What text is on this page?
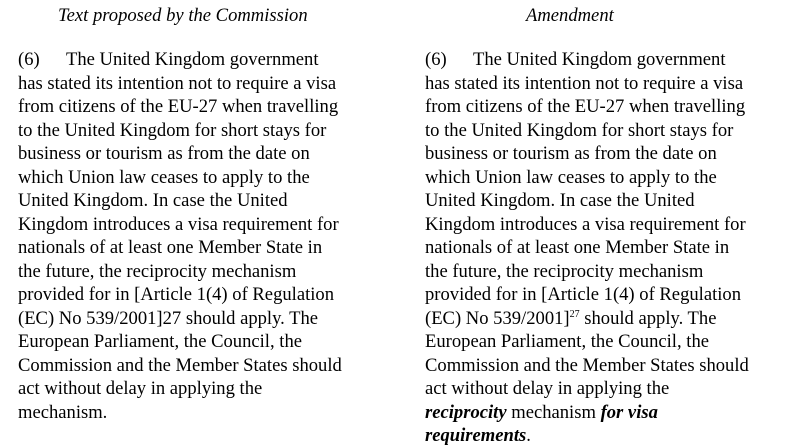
Text proposed by the Commission
(6) The United Kingdom government
has stated its intention not to require a visa
from citizens of the EU-27 when travelling
to the United Kingdom for short stays for
business or tourism as from the date on
which Union law ceases to apply to the
United Kingdom. In case the United
Kingdom introduces a visa requirement for
nationals of at least one Member State in
the future, the reciprocity mechanism
provided for in [Article 1(4) of Regulation
(EC) No 539/2001]27 should apply. The
European Parliament, the Council, the
Commission and the Member States should
act without delay in applying the
mechanism.
Amendment
(6) The United Kingdom government
has stated its intention not to require a visa
from citizens of the EU-27 when travelling
to the United Kingdom for short stays for
business or tourism as from the date on
which Union law ceases to apply to the
United Kingdom. In case the United
Kingdom introduces a visa requirement for
nationals of at least one Member State in
the future, the reciprocity mechanism
provided for in [Article 1(4) of Regulation
(EC) No 539/2001]$^{27}$ should apply. The
European Parliament, the Council, the
Commission and the Member States should
act without delay in applying the
reciprocity mechanism for visa
requirements.
